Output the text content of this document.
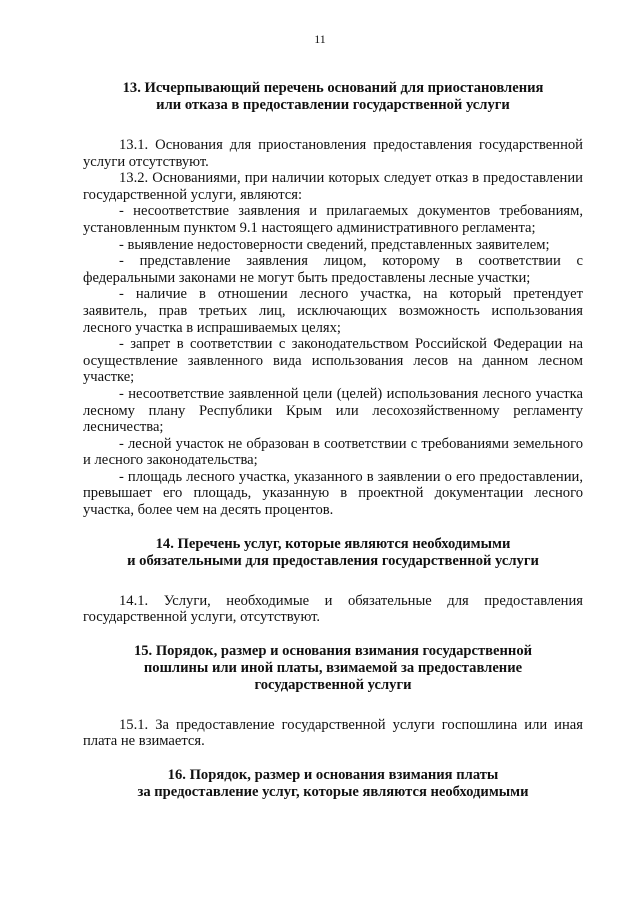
11
13. Исчерпывающий перечень оснований для приостановления
или отказа в предоставлении государственной услуги

13.1. Основания для приостановления предоставления государственной услуги отсутствуют.

13.2. Основаниями, при наличии которых следует отказ в предоставлении государственной услуги, являются:

- несоответствие заявления и прилагаемых документов требованиям, установленным пунктом 9.1 настоящего административного регламента;

- выявление недостоверности сведений, представленных заявителем;

- представление заявления лицом, которому в соответствии с федеральными законами не могут быть предоставлены лесные участки;

- наличие в отношении лесного участка, на который претендует заявитель, прав третьих лиц, исключающих возможность использования лесного участка в испрашиваемых целях;

- запрет в соответствии с законодательством Российской Федерации на осуществление заявленного вида использования лесов на данном лесном участке;

- несоответствие заявленной цели (целей) использования лесного участка лесному плану Республики Крым или лесохозяйственному регламенту лесничества;

- лесной участок не образован в соответствии с требованиями земельного и лесного законодательства;

- площадь лесного участка, указанного в заявлении о его предоставлении, превышает его площадь, указанную в проектной документации лесного участка, более чем на десять процентов.

14. Перечень услуг, которые являются необходимыми
и обязательными для предоставления государственной услуги

14.1. Услуги, необходимые и обязательные для предоставления государственной услуги, отсутствуют.

15. Порядок, размер и основания взимания государственной
пошлины или иной платы, взимаемой за предоставление
государственной услуги

15.1. За предоставление государственной услуги госпошлина или иная плата не взимается.

16. Порядок, размер и основания взимания платы
за предоставление услуг, которые являются необходимыми
